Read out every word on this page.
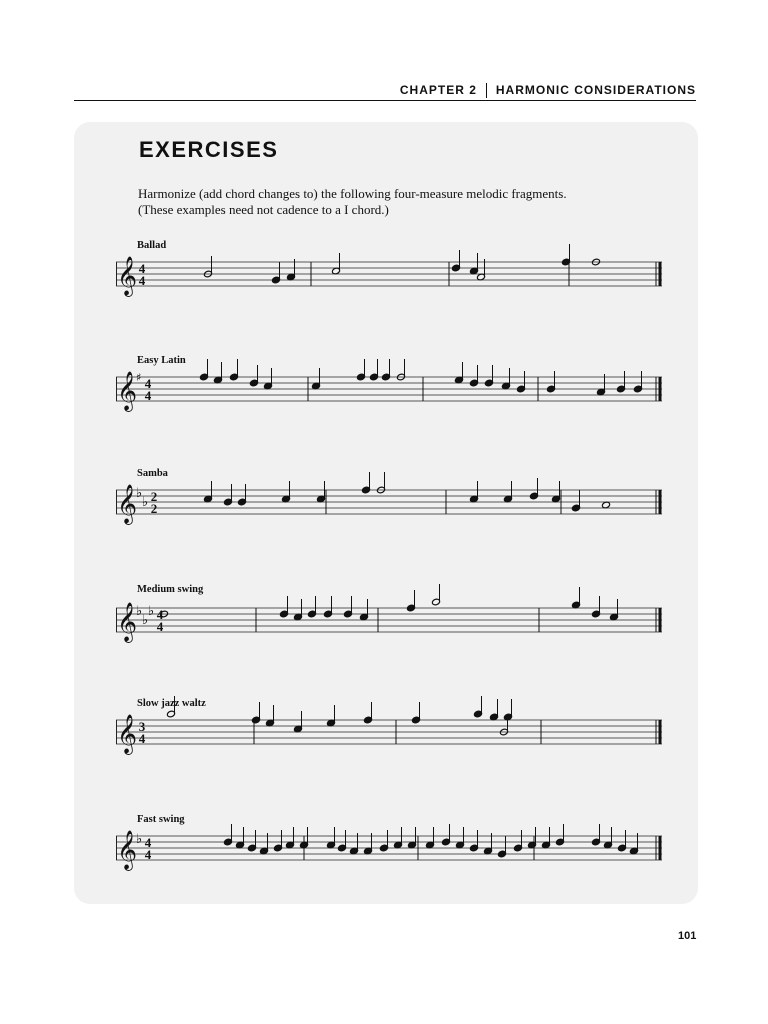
CHAPTER 2 HARMONIC CONSIDERATIONS
EXERCISES
Harmonize (add chord changes to) the following four-measure melodic fragments.
(These examples need not cadence to a I chord.)
Ballad
𝄞 4
4
Easy Latin
𝄞
♯ 4
4
Samba
𝄞
♭
♭ 2
2
Medium swing
𝄞
♭
♭
♭ 4
4
Slow jazz waltz
𝄞 3
4
Fast swing
𝄞
♭ 4
4
101
